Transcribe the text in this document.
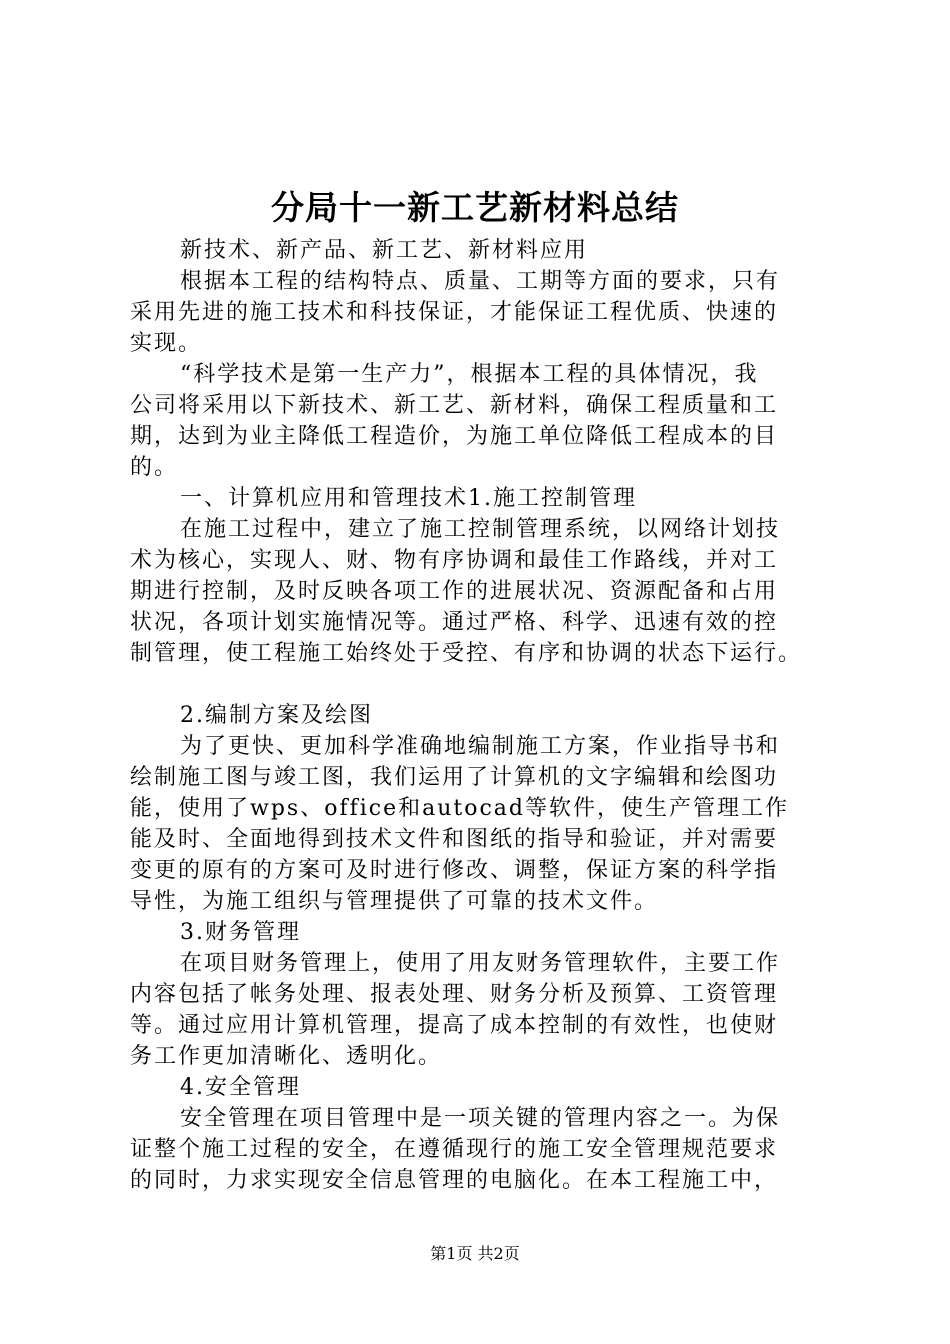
分局十一新工艺新材料总结
新技术、新产品、新工艺、新材料应用
根据本工程的结构特点、质量、工期等方面的要求，只有
采用先进的施工技术和科技保证，才能保证工程优质、快速的
实现。
“科学技术是第一生产力”，根据本工程的具体情况，我
公司将采用以下新技术、新工艺、新材料，确保工程质量和工
期，达到为业主降低工程造价，为施工单位降低工程成本的目
的。
一、计算机应用和管理技术1.施工控制管理
在施工过程中，建立了施工控制管理系统，以网络计划技
术为核心，实现人、财、物有序协调和最佳工作路线，并对工
期进行控制，及时反映各项工作的进展状况、资源配备和占用
状况，各项计划实施情况等。通过严格、科学、迅速有效的控
制管理，使工程施工始终处于受控、有序和协调的状态下运行。
2.编制方案及绘图
为了更快、更加科学准确地编制施工方案，作业指导书和
绘制施工图与竣工图，我们运用了计算机的文字编辑和绘图功
能，使用了wps、office和autocad等软件，使生产管理工作
能及时、全面地得到技术文件和图纸的指导和验证，并对需要
变更的原有的方案可及时进行修改、调整，保证方案的科学指
导性，为施工组织与管理提供了可靠的技术文件。
3.财务管理
在项目财务管理上，使用了用友财务管理软件，主要工作
内容包括了帐务处理、报表处理、财务分析及预算、工资管理
等。通过应用计算机管理，提高了成本控制的有效性，也使财
务工作更加清晰化、透明化。
4.安全管理
安全管理在项目管理中是一项关键的管理内容之一。为保
证整个施工过程的安全，在遵循现行的施工安全管理规范要求
的同时，力求实现安全信息管理的电脑化。在本工程施工中，
第1页 共2页
